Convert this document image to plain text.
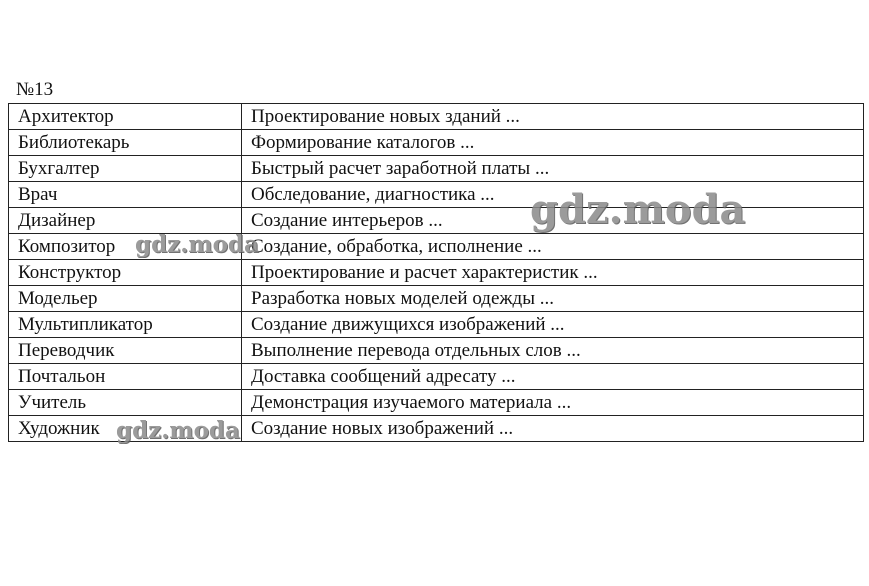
№13
Архитектор	Проектирование новых зданий ...
Библиотекарь	Формирование каталогов ...
Бухгалтер	Быстрый расчет заработной платы ...
Врач	Обследование, диагностика ...
Дизайнер	Создание интерьеров ...
Композитор	Создание, обработка, исполнение ...
Конструктор	Проектирование и расчет характеристик ...
Модельер	Разработка новых моделей одежды ...
Мультипликатор	Создание движущихся изображений ...
Переводчик	Выполнение перевода отдельных слов ...
Почтальон	Доставка сообщений адресату ...
Учитель	Демонстрация изучаемого материала ...
Художник	Создание новых изображений ...
gdz.moda
gdz.moda
gdz.moda
